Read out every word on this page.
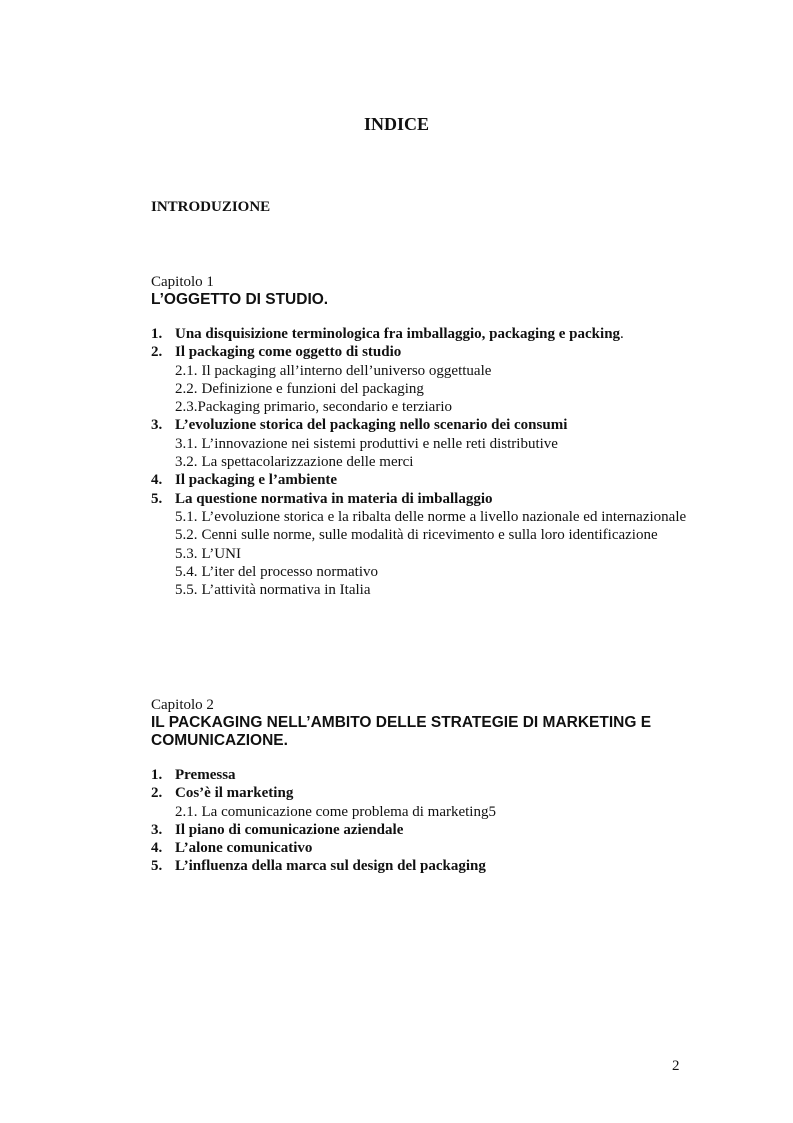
INDICE
INTRODUZIONE
Capitolo 1
L’OGGETTO DI STUDIO.
1. Una disquisizione terminologica fra imballaggio, packaging e packing.
2. Il packaging come oggetto di studio
2.1. Il packaging all’interno dell’universo oggettuale
2.2. Definizione e funzioni del packaging
2.3. Packaging primario, secondario e terziario
3. L’evoluzione storica del packaging nello scenario dei consumi
3.1. L’innovazione nei sistemi produttivi e nelle reti distributive
3.2. La spettacolarizzazione delle merci
4. Il packaging e l’ambiente
5. La questione normativa in materia di imballaggio
5.1. L’evoluzione storica e la ribalta delle norme a livello nazionale ed internazionale
5.2. Cenni sulle norme, sulle modalità di ricevimento e sulla loro identificazione
5.3. L’UNI
5.4. L’iter del processo normativo
5.5. L’attività normativa in Italia
Capitolo 2
IL PACKAGING NELL’AMBITO DELLE STRATEGIE DI MARKETING E COMUNICAZIONE.
1. Premessa
2. Cos’è il marketing
2.1. La comunicazione come problema di marketing5
3. Il piano di comunicazione aziendale
4. L’alone comunicativo
5. L’influenza della marca sul design del packaging
2
